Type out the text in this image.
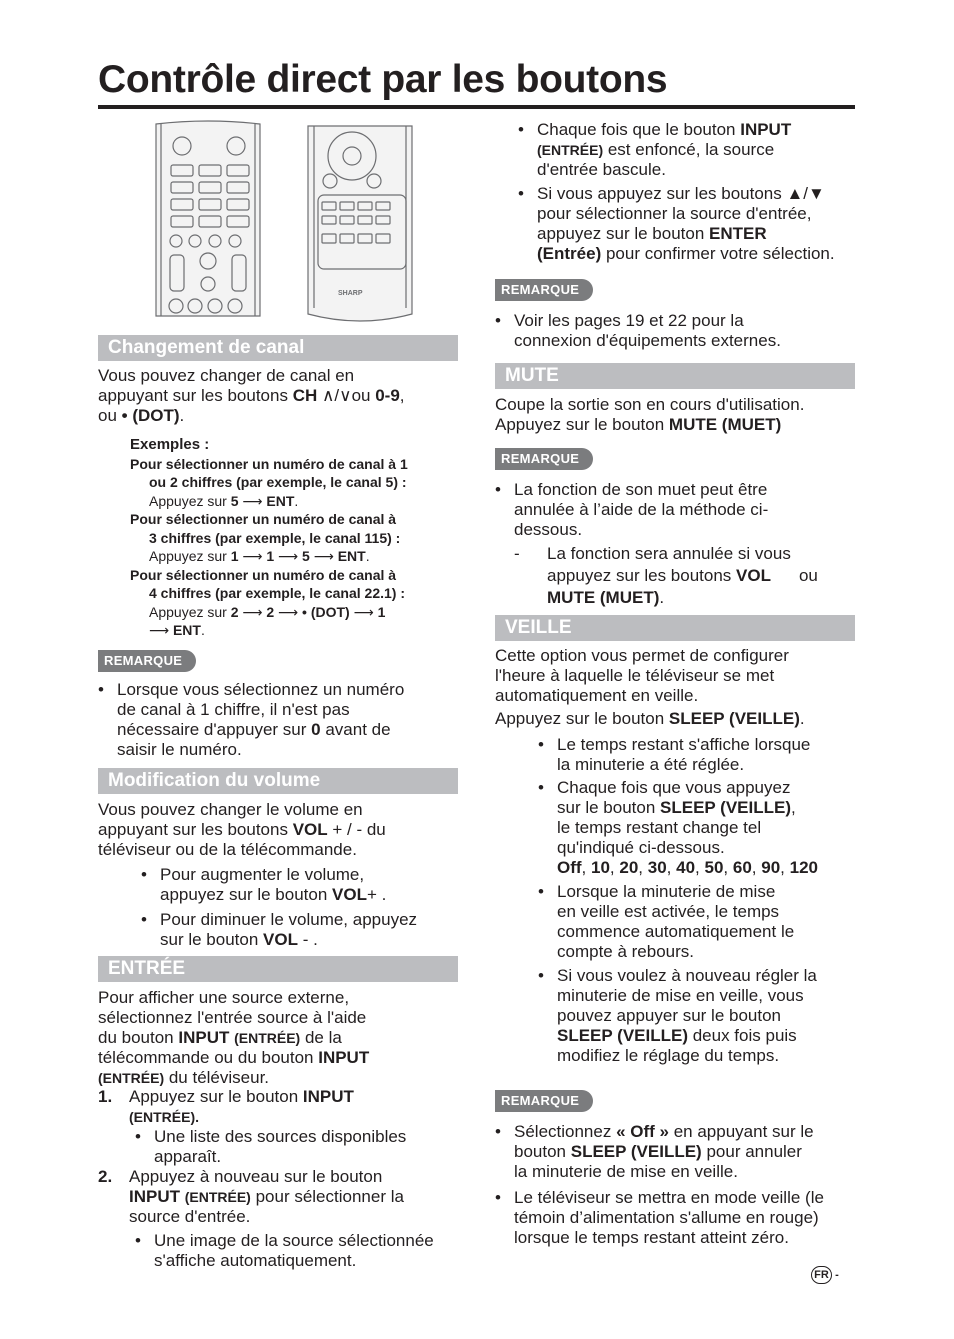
Contrôle direct par les boutons
SHARP
Changement de canal

Vous pouvez changer de canal en

appuyant sur les boutons CH ∧/∨ou 0-9,

ou • (DOT).

Exemples :

Pour sélectionner un numéro de canal à 1

ou 2 chiffres (par exemple, le canal 5) :

Appuyez sur 5 ⟶ ENT.

Pour sélectionner un numéro de canal à

3 chiffres (par exemple, le canal 115) :

Appuyez sur 1 ⟶ 1 ⟶ 5 ⟶ ENT.

Pour sélectionner un numéro de canal à

4 chiffres (par exemple, le canal 22.1) :

Appuyez sur 2 ⟶ 2 ⟶ • (DOT) ⟶ 1

⟶ ENT.

REMARQUE

• Lorsque vous sélectionnez un numéro

de canal à 1 chiffre, il n'est pas

nécessaire d'appuyer sur 0 avant de

saisir le numéro.

Modification du volume

Vous pouvez changer le volume en

appuyant sur les boutons VOL + / - du

téléviseur ou de la télécommande.

• Pour augmenter le volume,

appuyez sur le bouton VOL+ .

• Pour diminuer le volume, appuyez

sur le bouton VOL - .

ENTRÉE

Pour afficher une source externe,

sélectionnez l'entrée source à l'aide

du bouton INPUT (ENTRÉE) de la

télécommande ou du bouton INPUT

(ENTRÉE) du téléviseur.

1. Appuyez sur le bouton INPUT

(ENTRÉE).

• Une liste des sources disponibles

apparaît.

2. Appuyez à nouveau sur le bouton

INPUT (ENTRÉE) pour sélectionner la

source d'entrée.

• Une image de la source sélectionnée

s'affiche automatiquement.

• Chaque fois que le bouton INPUT

(ENTRÉE) est enfoncé, la source

d'entrée bascule.

• Si vous appuyez sur les boutons ▲/▼

pour sélectionner la source d'entrée,

appuyez sur le bouton ENTER

(Entrée) pour confirmer votre sélection.

REMARQUE

• Voir les pages 19 et 22 pour la

connexion d'équipements externes.

MUTE

Coupe la sortie son en cours d'utilisation.

Appuyez sur le bouton MUTE (MUET)

REMARQUE

• La fonction de son muet peut être

annulée à l’aide de la méthode ci-

dessous.

- La fonction sera annulée si vous

appuyez sur les boutons VOL ou

MUTE (MUET).

VEILLE

Cette option vous permet de configurer

l'heure à laquelle le téléviseur se met

automatiquement en veille.

Appuyez sur le bouton SLEEP (VEILLE).

• Le temps restant s'affiche lorsque

la minuterie a été réglée.

• Chaque fois que vous appuyez

sur le bouton SLEEP (VEILLE),

le temps restant change tel

qu'indiqué ci-dessous.

Off, 10, 20, 30, 40, 50, 60, 90, 120

• Lorsque la minuterie de mise

en veille est activée, le temps

commence automatiquement le

compte à rebours.

• Si vous voulez à nouveau régler la

minuterie de mise en veille, vous

pouvez appuyer sur le bouton

SLEEP (VEILLE) deux fois puis

modifiez le réglage du temps.

REMARQUE

• Sélectionnez « Off » en appuyant sur le

bouton SLEEP (VEILLE) pour annuler

la minuterie de mise en veille.

• Le téléviseur se mettra en mode veille (le

témoin d’alimentation s'allume en rouge)

lorsque le temps restant atteint zéro.

FR -
